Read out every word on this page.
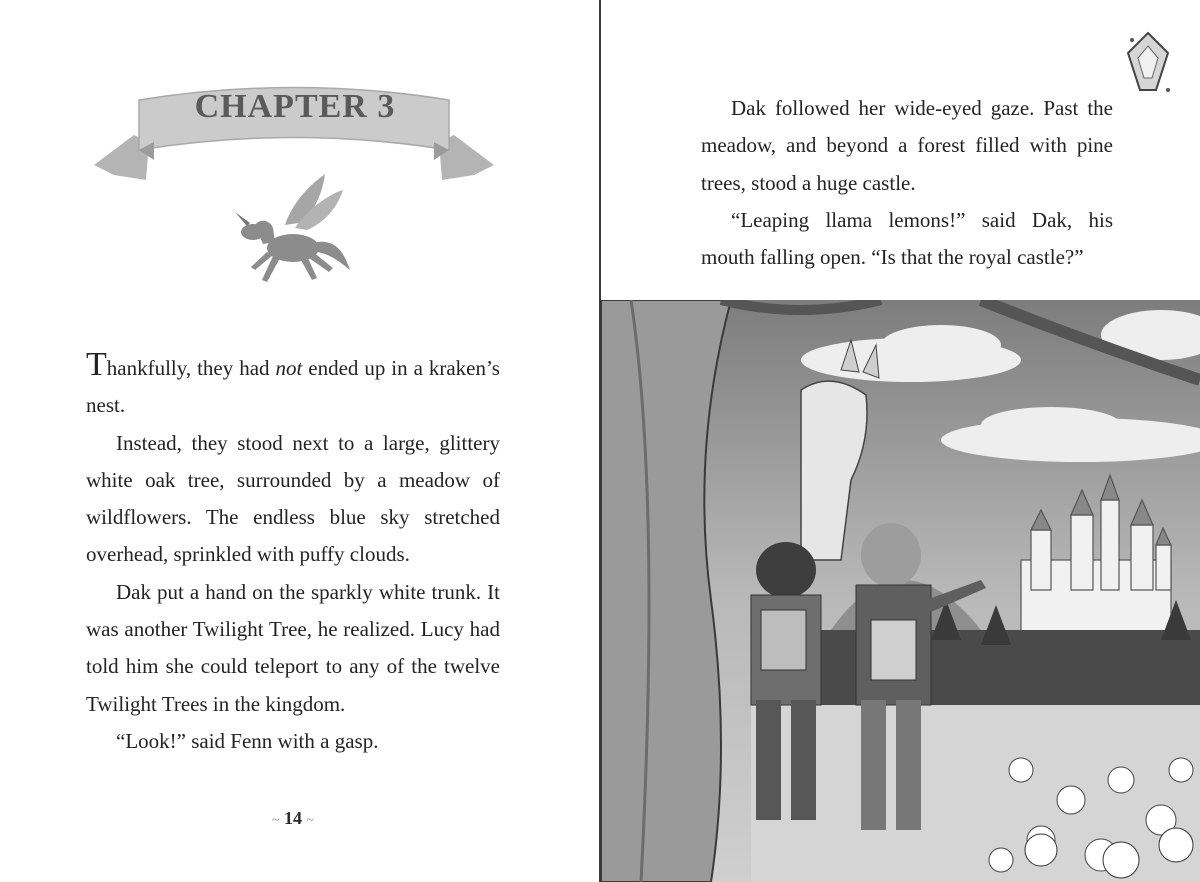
CHAPTER 3

Thankfully, they had not ended up in a kraken’s nest.

Instead, they stood next to a large, glittery white oak tree, surrounded by a meadow of wildflowers. The endless blue sky stretched overhead, sprinkled with puffy clouds.

Dak put a hand on the sparkly white trunk. It was another Twilight Tree, he realized. Lucy had told him she could teleport to any of the twelve Twilight Trees in the kingdom.

“Look!” said Fenn with a gasp.

~ 14 ~

Dak followed her wide-eyed gaze. Past the meadow, and beyond a forest filled with pine trees, stood a huge castle.

“Leaping llama lemons!” said Dak, his mouth falling open. “Is that the royal castle?”
